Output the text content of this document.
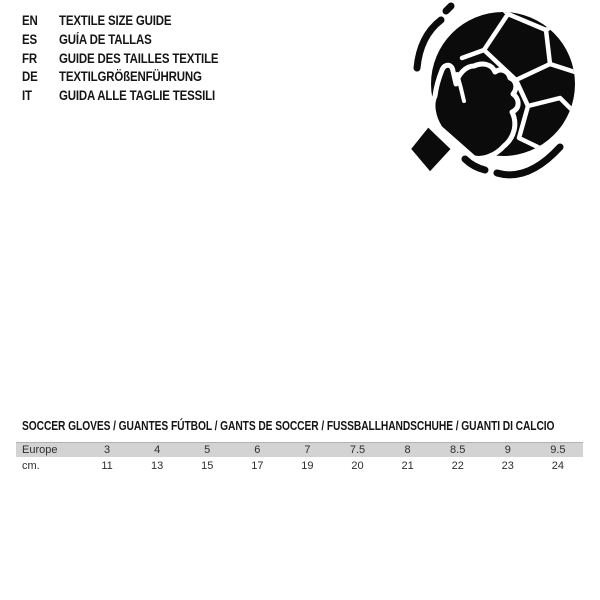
EN TEXTILE SIZE GUIDE
ES GUÍA DE TALLAS
FR GUIDE DES TAILLES TEXTILE
DE TEXTILGRÖßENFÜHRUNG
IT GUIDA ALLE TAGLIE TESSILI
SOCCER GLOVES / GUANTES FÚTBOL / GANTS DE SOCCER / FUSSBALLHANDSCHUHE / GUANTI DI CALCIO
Europe	3	4	5	6	7	7.5	8	8.5	9	9.5
cm.	11	13	15	17	19	20	21	22	23	24
